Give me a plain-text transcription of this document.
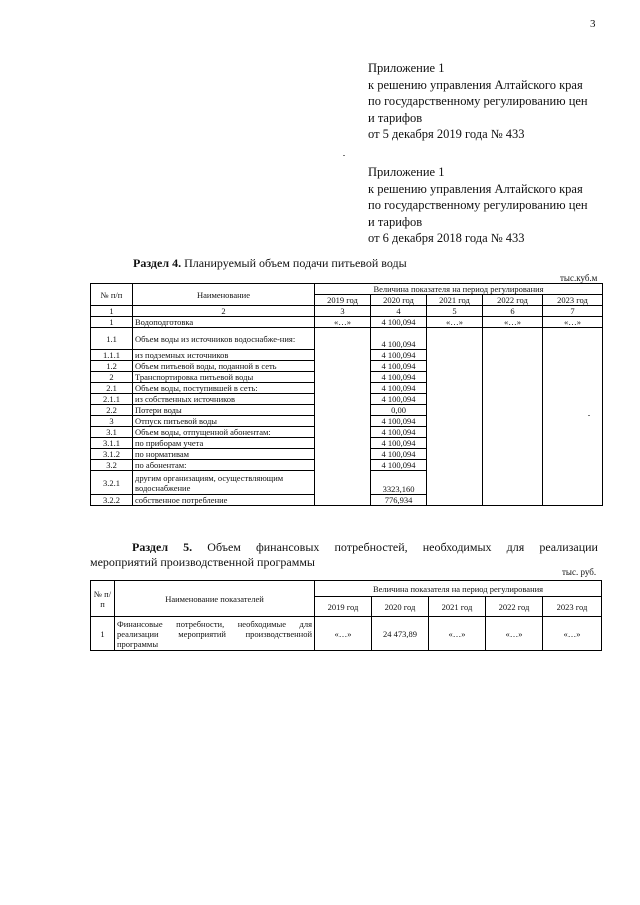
3
Приложение 1
к решению управления Алтайского края
по государственному регулированию цен
и тарифов
от 5 декабря 2019 года № 433
Приложение 1
к решению управления Алтайского края
по государственному регулированию цен
и тарифов
от 6 декабря 2018 года № 433
Раздел 4. Планируемый объем подачи питьевой воды
тыс.куб.м
№ п/п	Наименование	Величина показателя на период регулирования				
		2019 год	2020 год	2021 год	2022 год	2023 год
1	2	3	4	5	6	7
1	Водоподготовка	«…»	4 100,094	«…»	«…»	«…»
1.1	Объем воды из источников водоснабже-ния:		4 100,094			
1.1.1	из подземных источников		4 100,094			
1.2	Объем питьевой воды, поданной в сеть		4 100,094			
2	Транспортировка питьевой воды		4 100,094			
2.1	Объем воды, поступившей в сеть:		4 100,094			
2.1.1	из собственных источников		4 100,094			
2.2	Потери воды		0,00			
3	Отпуск питьевой воды		4 100,094			
3.1	Объем воды, отпущенной абонентам:		4 100,094			
3.1.1	по приборам учета		4 100,094			
3.1.2	по нормативам		4 100,094			
3.2	по абонентам:		4 100,094			
3.2.1	другим организациям, осуществляющим водоснабжение		3323,160			
3.2.2	собственное потребление		776,934			
Раздел 5. Объем финансовых потребностей, необходимых для реализации
мероприятий производственной программы
тыс. руб.
№ п/ п	Наименование показателей	Величина показателя на период регулирования				
		2019 год	2020 год	2021 год	2022 год	2023 год
1	Финансовые потребности, необходимые для реализации мероприятий производственной программы	«…»	24 473,89	«…»	«…»	«…»
